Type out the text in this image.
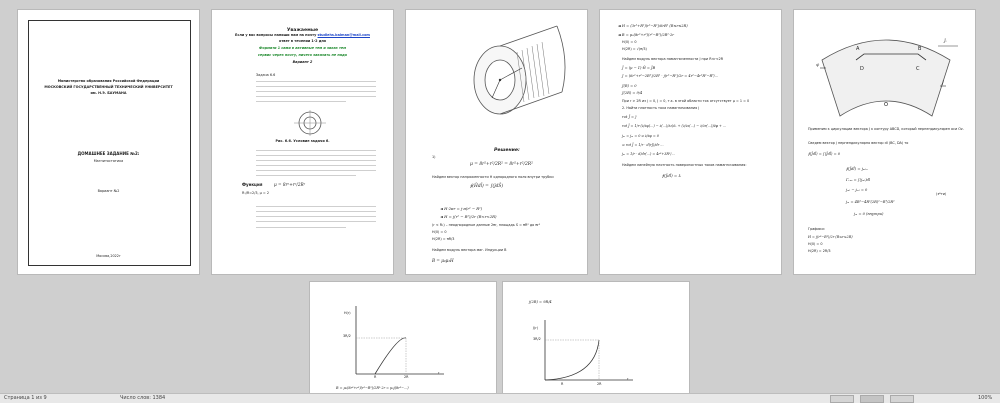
Министерство образования Российской Федерации
МОСКОВСКИЙ ГОСУДАРСТВЕННЫЙ ТЕХНИЧЕСКИЙ УНИВЕРСИТЕТ
им. Н.Э. БАУМАНА
ДОМАШНЕЕ ЗАДАНИЕ №2:
Магнитостатика
Вариант №2
Москва,2022г
Уважаемые
Если у вас вопросы напиши нам на почту studiehs.baiman@mail.com
ответ в течении 1-2 дня
Формати 1 сами в активные тем и заказ тем
сервис через почту, ничего заказать не надо
Вариант 2
Задача 6.6
Рис. 6.6. Условие задачи 6.
Функция	μ = 8r²+r²/2R²
R₁/R=2/3, μ = 2
Решение:
1)
μ = 8r²+r²/2R² = 8r²+r²/2R²
Найдем вектор напряженности H однородного поля внутри трубки
∮(H̄dl̄) = ∫(j̄dS̄)
◄ H·2πr = j·π(r² − R²)
◄ H = j(r² − R²)/2r (R<r<2R)
(r < R₁) – неоднородные данные 2πr, площадь S = πR² до πr²
H(0) = 0
H(2R) = πR/3
Найдем модуль вектора маг. Индукции B
B = μ₀μ₂H
◄ H = (3r²+R²)(r²−R²)/6rR² (R≤r≤2R)
◄ B = μ₀(8r²+r²)(r²−R²)/2R²·2r
H(0) = 0
H(2R) = √(π/3)
Найдем модуль вектора намагниченности J при R<r<2R
J̄ = (μ − 1)·H̄ = J̄B
J = (6r²+r²−2R²)/2R² · j(r²−R²)/2r = 4r²−4r²R²−R⁴/...
J(R) = 0
J(2R) = 9/4
При r > 2R из j = 0, J = 0, т.к. в этой области ток отсутствует μ = 1 = 0
2. Найти плотность тока намагничивания j
rot J̄ = j̄
rot J̄ = 1/r·(∂/∂φ(...) − ∂(...)/∂z)ēᵣ + (∂/∂z(...) − ∂/∂r(...))ēφ + ...
jₘ = jₘ = 0 и ∂/∂φ = 0
⇒ rot J̄ = 1/r · d(rJ)/dr ...
jₘ = 1/r · d/dr(...) = 4r²+3R²/...
Найдем линейную плотность поверхностных токов намагничивания:
∮(J̄dl̄) = Iᵢ
A	B
C
D
ψ̄
J̄
J̄ᵢ
Применим к циркуляции вектора J к контуру ABCD, который перпендикулярен оси Oz.
Сведем вектор j перпендикулярно вектор dl (BC, DA) то
∮(J̄dl̄) = ∫(J̄dl̄) = 0
∮(J̄dl̄) = jₘₗₐ
Γᵥₒₓ = ∫(jₘₗ)dl
jₘₗ − jₘₗ = 0
(з*ти)
jₘ = 4R²−4R²(2R)²−R⁴/2R²
jₘ = 0 (внутри)
Графики:
H = j(r²−R²)/2r (R≤r≤2R)
H(0) = 0
H(2R) = 2R/3
H(r)
3R/2
R	2R
r
B = μ₀(8r²+r²)(r²−R²)/2R²·2r = μ₀j(8r²−...)
j(2R) = 9R/4
J(r)
3R/2
R	2R
r
Страница 1 из 9	Число слов: 1384	100%
